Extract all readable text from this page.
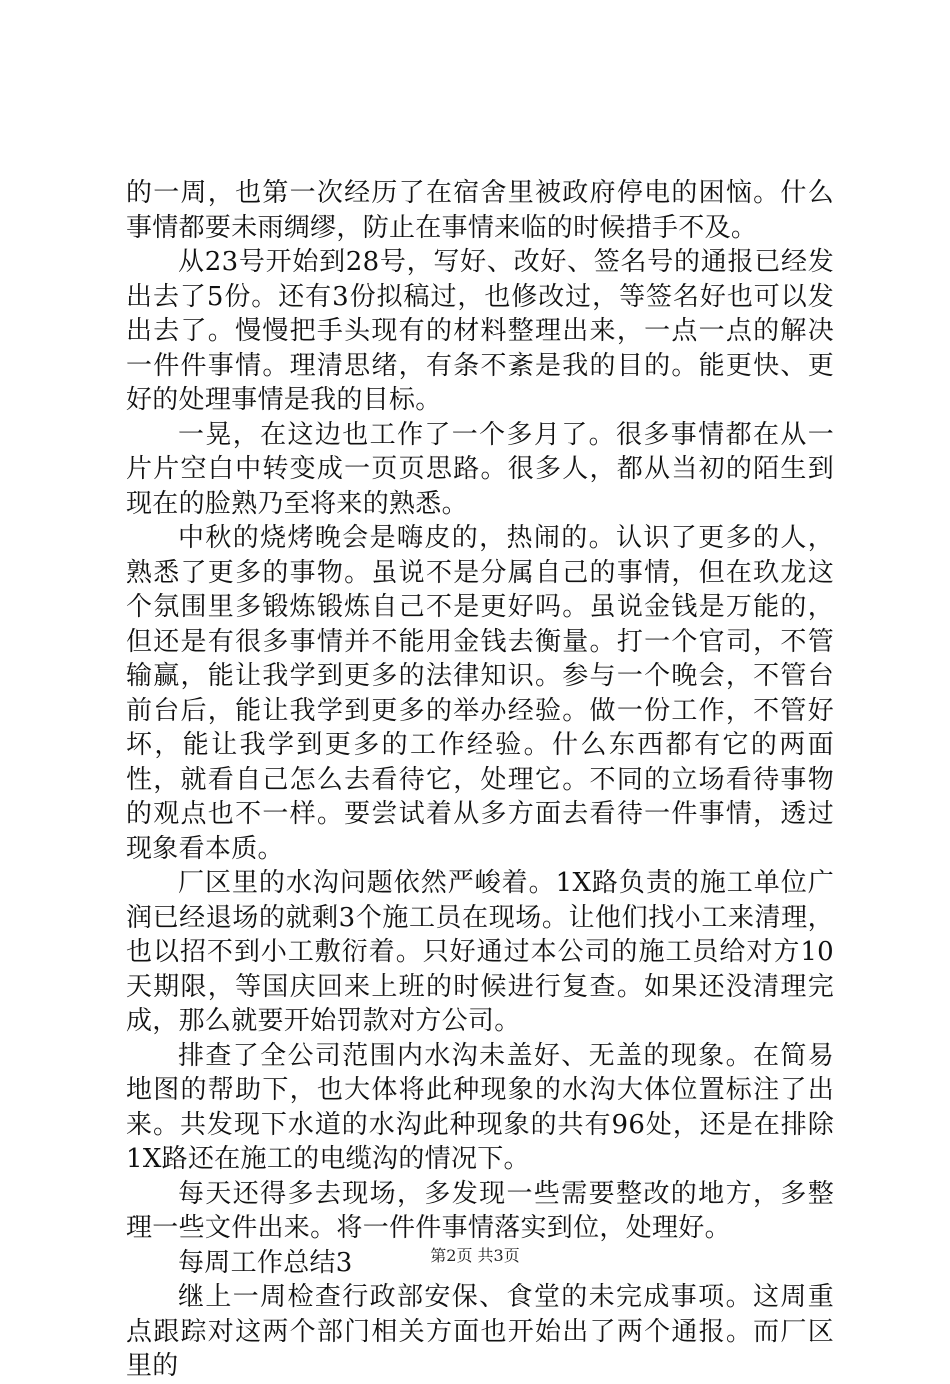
的一周，也第一次经历了在宿舍里被政府停电的困恼。什么事情都要未雨绸缪，防止在事情来临的时候措手不及。

从23号开始到28号，写好、改好、签名号的通报已经发出去了5份。还有3份拟稿过，也修改过，等签名好也可以发出去了。慢慢把手头现有的材料整理出来，一点一点的解决一件件事情。理清思绪，有条不紊是我的目的。能更快、更好的处理事情是我的目标。

一晃，在这边也工作了一个多月了。很多事情都在从一片片空白中转变成一页页思路。很多人，都从当初的陌生到现在的脸熟乃至将来的熟悉。

中秋的烧烤晚会是嗨皮的，热闹的。认识了更多的人，熟悉了更多的事物。虽说不是分属自己的事情，但在玖龙这个氛围里多锻炼锻炼自己不是更好吗。虽说金钱是万能的，但还是有很多事情并不能用金钱去衡量。打一个官司，不管输赢，能让我学到更多的法律知识。参与一个晚会，不管台前台后，能让我学到更多的举办经验。做一份工作，不管好坏，能让我学到更多的工作经验。什么东西都有它的两面性，就看自己怎么去看待它，处理它。不同的立场看待事物的观点也不一样。要尝试着从多方面去看待一件事情，透过现象看本质。

厂区里的水沟问题依然严峻着。1X路负责的施工单位广润已经退场的就剩3个施工员在现场。让他们找小工来清理，也以招不到小工敷衍着。只好通过本公司的施工员给对方10天期限，等国庆回来上班的时候进行复查。如果还没清理完成，那么就要开始罚款对方公司。

排查了全公司范围内水沟未盖好、无盖的现象。在简易地图的帮助下，也大体将此种现象的水沟大体位置标注了出来。共发现下水道的水沟此种现象的共有96处，还是在排除1X路还在施工的电缆沟的情况下。

每天还得多去现场，多发现一些需要整改的地方，多整理一些文件出来。将一件件事情落实到位，处理好。

每周工作总结3

继上一周检查行政部安保、食堂的未完成事项。这周重点跟踪对这两个部门相关方面也开始出了两个通报。而厂区里的

第2页 共3页
